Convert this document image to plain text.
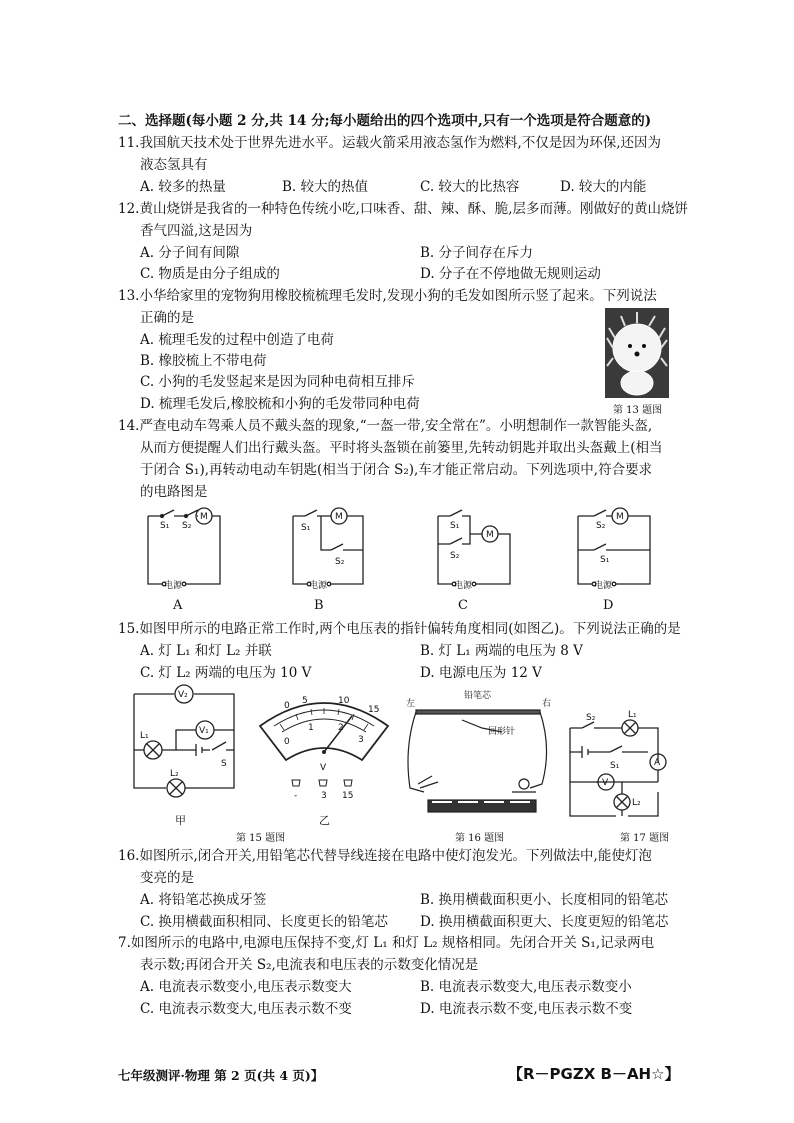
二、选择题(每小题 2 分,共 14 分;每小题给出的四个选项中,只有一个选项是符合题意的)
11.我国航天技术处于世界先进水平。运载火箭采用液态氢作为燃料,不仅是因为环保,还因为
液态氢具有
A. 较多的热量	B. 较大的热值	C. 较大的比热容	D. 较大的内能
12.黄山烧饼是我省的一种特色传统小吃,口味香、甜、辣、酥、脆,层多而薄。刚做好的黄山烧饼
香气四溢,这是因为
A. 分子间有间隙	B. 分子间存在斥力
C. 物质是由分子组成的	D. 分子在不停地做无规则运动
13.小华给家里的宠物狗用橡胶梳梳理毛发时,发现小狗的毛发如图所示竖了起来。下列说法
正确的是
A. 梳理毛发的过程中创造了电荷
B. 橡胶梳上不带电荷
C. 小狗的毛发竖起来是因为同种电荷相互排斥
D. 梳理毛发后,橡胶梳和小狗的毛发带同种电荷	第 13 题图
14.严查电动车驾乘人员不戴头盔的现象,“一盔一带,安全常在”。小明想制作一款智能头盔,
从而方便提醒人们出行戴头盔。平时将头盔锁在前篓里,先转动钥匙并取出头盔戴上(相当
于闭合 S₁),再转动电动车钥匙(相当于闭合 S₂),车才能正常启动。下列选项中,符合要求
的电路图是
S₁ S₂
M
电源
S₁
S₂
M
电源
S₁
S₂
M
电源
S₂
S₁
M
电源
A	B	C	D
15.如图甲所示的电路正常工作时,两个电压表的指针偏转角度相同(如图乙)。下列说法正确的是
A. 灯 L₁ 和灯 L₂ 并联	B. 灯 L₁ 两端的电压为 8 V
C. 灯 L₂ 两端的电压为 10 V	D. 电源电压为 12 V
V₂
V₁
L₁
L₂
S
甲
0 5	10
15
0
1	2
3
V
-	3 15
乙
第 15 题图
左	右
铅笔芯
回形针
第 16 题图
S₂	L₁
S₁	A
V
L₂
第 17 题图
16.如图所示,闭合开关,用铅笔芯代替导线连接在电路中使灯泡发光。下列做法中,能使灯泡
变亮的是
A. 将铅笔芯换成牙签	B. 换用横截面积更小、长度相同的铅笔芯
C. 换用横截面积相同、长度更长的铅笔芯 D. 换用横截面积更大、长度更短的铅笔芯
7.如图所示的电路中,电源电压保持不变,灯 L₁ 和灯 L₂ 规格相同。先闭合开关 S₁,记录两电
表示数;再闭合开关 S₂,电流表和电压表的示数变化情况是
A. 电流表示数变小,电压表示数变大	B. 电流表示数变大,电压表示数变小
C. 电流表示数变大,电压表示数不变	D. 电流表示数不变,电压表示数不变
七年级测评·物理 第 2 页(共 4 页)】	【R－PGZX B－AH☆】
